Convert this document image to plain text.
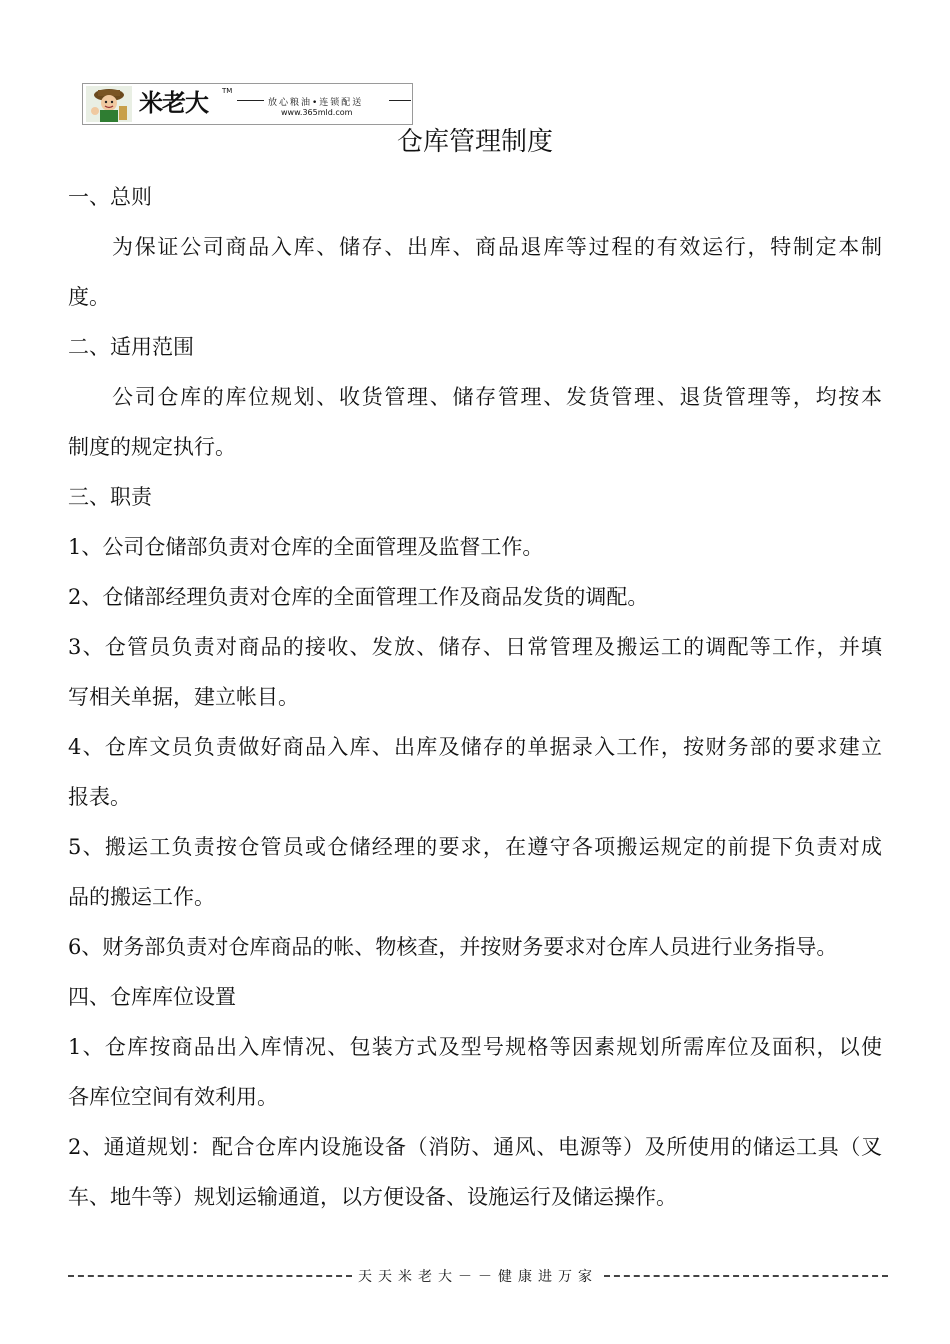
米老大 TM
放心粮油•连锁配送
www.365mld.com
仓库管理制度
一、总则
为保证公司商品入库、储存、出库、商品退库等过程的有效运行，特制定本制
度。
二、适用范围
公司仓库的库位规划、收货管理、储存管理、发货管理、退货管理等，均按本
制度的规定执行。
三、职责
1、公司仓储部负责对仓库的全面管理及监督工作。
2、仓储部经理负责对仓库的全面管理工作及商品发货的调配。
3、仓管员负责对商品的接收、发放、储存、日常管理及搬运工的调配等工作，并填
写相关单据，建立帐目。
4、仓库文员负责做好商品入库、出库及储存的单据录入工作，按财务部的要求建立
报表。
5、搬运工负责按仓管员或仓储经理的要求，在遵守各项搬运规定的前提下负责对成
品的搬运工作。
6、财务部负责对仓库商品的帐、物核查，并按财务要求对仓库人员进行业务指导。
四、仓库库位设置
1、仓库按商品出入库情况、包装方式及型号规格等因素规划所需库位及面积，以使
各库位空间有效利用。
2、通道规划：配合仓库内设施设备（消防、通风、电源等）及所使用的储运工具（叉
车、地牛等）规划运输通道，以方便设备、设施运行及储运操作。
天天米老大－－健康进万家
